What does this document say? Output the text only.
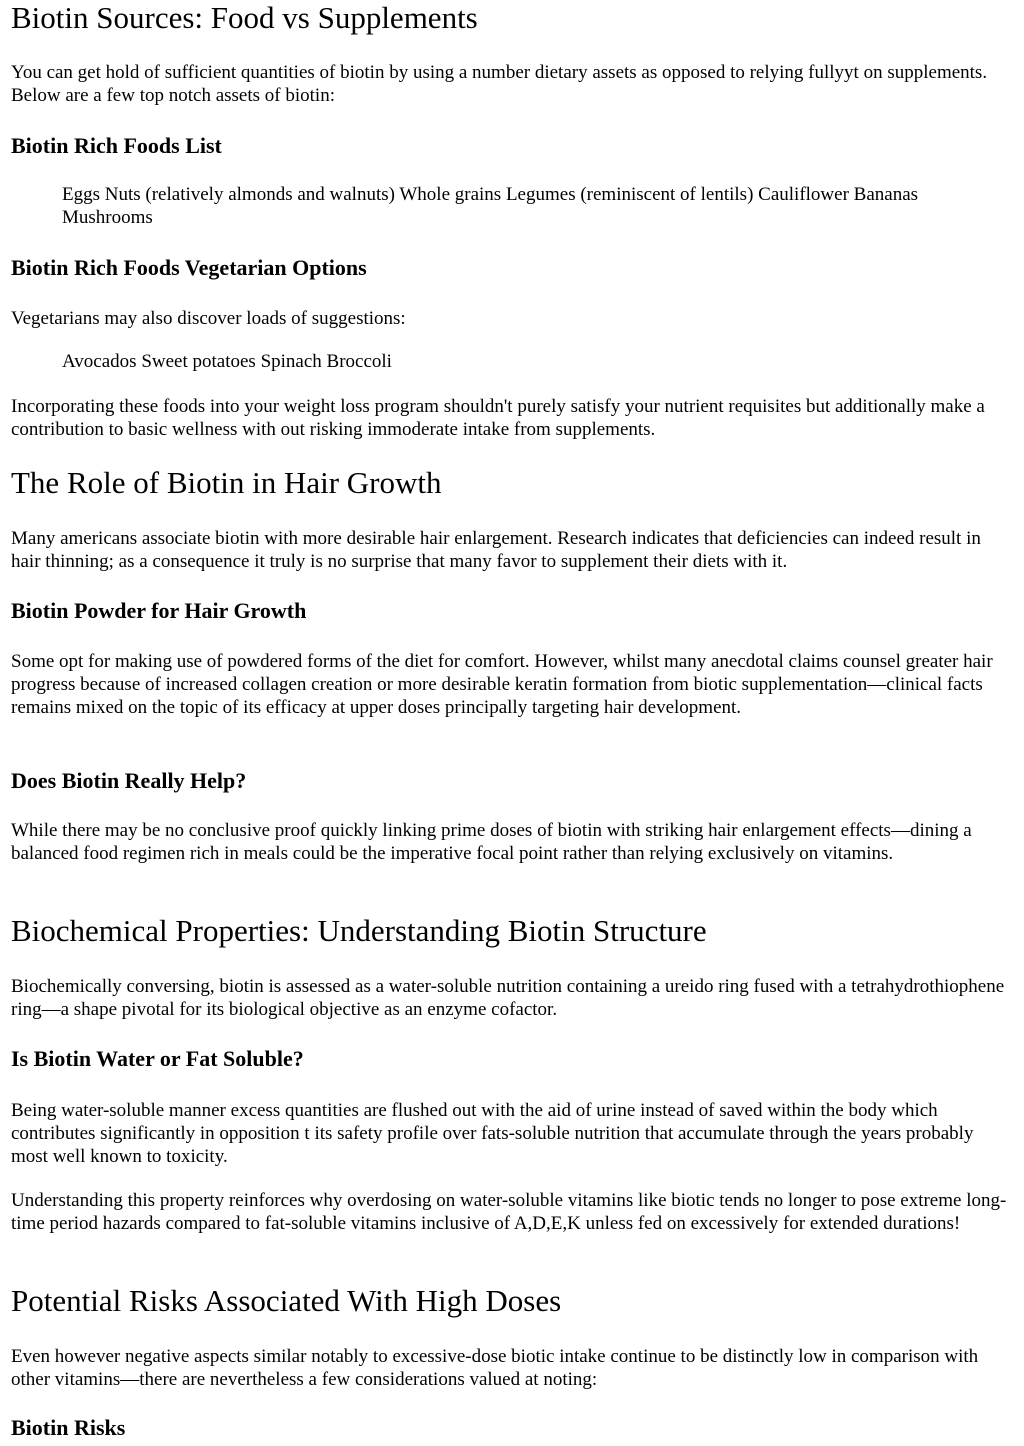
Biotin Sources: Food vs Supplements

You can get hold of sufficient quantities of biotin by using a number dietary assets as opposed to relying fullyyt on supplements. Below are a few top notch assets of biotin:

Biotin Rich Foods List

Eggs Nuts (relatively almonds and walnuts) Whole grains Legumes (reminiscent of lentils) Cauliflower Bananas Mushrooms

Biotin Rich Foods Vegetarian Options

Vegetarians may also discover loads of suggestions:

Avocados Sweet potatoes Spinach Broccoli

Incorporating these foods into your weight loss program shouldn't purely satisfy your nutrient requisites but additionally make a contribution to basic wellness with out risking immoderate intake from supplements.

The Role of Biotin in Hair Growth

Many americans associate biotin with more desirable hair enlargement. Research indicates that deficiencies can indeed result in hair thinning; as a consequence it truly is no surprise that many favor to supplement their diets with it.

Biotin Powder for Hair Growth

Some opt for making use of powdered forms of the diet for comfort. However, whilst many anecdotal claims counsel greater hair progress because of increased collagen creation or more desirable keratin formation from biotic supplementation—clinical facts remains mixed on the topic of its efficacy at upper doses principally targeting hair development.

Does Biotin Really Help?

While there may be no conclusive proof quickly linking prime doses of biotin with striking hair enlargement effects—dining a balanced food regimen rich in meals could be the imperative focal point rather than relying exclusively on vitamins.

Biochemical Properties: Understanding Biotin Structure

Biochemically conversing, biotin is assessed as a water-soluble nutrition containing a ureido ring fused with a tetrahydrothiophene ring—a shape pivotal for its biological objective as an enzyme cofactor.

Is Biotin Water or Fat Soluble?

Being water-soluble manner excess quantities are flushed out with the aid of urine instead of saved within the body which contributes significantly in opposition t its safety profile over fats-soluble nutrition that accumulate through the years probably most well known to toxicity.

Understanding this property reinforces why overdosing on water-soluble vitamins like biotic tends no longer to pose extreme long-time period hazards compared to fat-soluble vitamins inclusive of A,D,E,K unless fed on excessively for extended durations!

Potential Risks Associated With High Doses

Even however negative aspects similar notably to excessive-dose biotic intake continue to be distinctly low in comparison with other vitamins—there are nevertheless a few considerations valued at noting:

Biotin Risks
